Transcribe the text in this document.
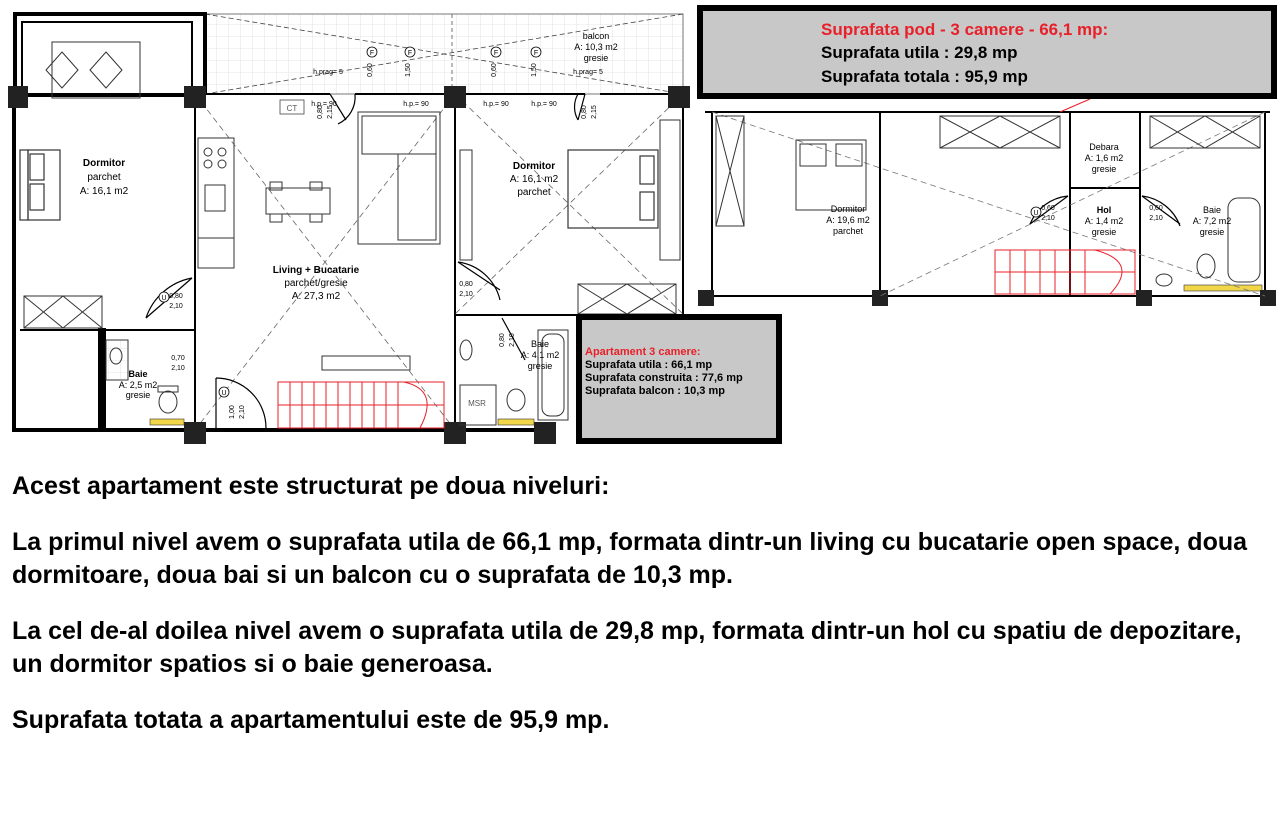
Dormitor
parchet
A: 16,1 m2
Living + Bucatarie
parchet/gresie
A: 27,3 m2
Dormitor
A: 16,1 m2
parchet
Baie
A: 2,5 m2
gresie
Baie
A: 4,1 m2
gresie
balcon
A: 10,3 m2
gresie
Dormitor
A: 19,6 m2
parchet
Debara
A: 1,6 m2
gresie
Hol
A: 1,4 m2
gresie
Baie
A: 7,2 m2
gresie
CT
MSR
h.prag= 5	h.prag= 5
h.p.= 90	h.p.= 90	h.p.= 90	h.p.= 90
F	F	F	F
0,60	1,50	0,60	1,50
0,80 2,15	0,80 2,15
0,80
2,10
0,70
2,10
1,00 2,10
0,80
2,10
0,80 2,10
0,60
2,10
0,60
2,10
U
U
U
Suprafata pod - 3 camere - 66,1 mp:
Suprafata utila : 29,8 mp
Suprafata totala : 95,9 mp
Apartament 3 camere:
Suprafata utila : 66,1 mp
Suprafata construita : 77,6 mp
Suprafata balcon : 10,3 mp

Acest apartament este structurat pe doua niveluri:

La primul nivel avem o suprafata utila de 66,1 mp, formata dintr-un living cu bucatarie open space, doua dormitoare, doua bai si un balcon cu o suprafata de 10,3 mp.

La cel de-al doilea nivel avem o suprafata utila de 29,8 mp, formata dintr-un hol cu spatiu de depozitare, un dormitor spatios si o baie generoasa.

Suprafata totata a apartamentului este de 95,9 mp.
